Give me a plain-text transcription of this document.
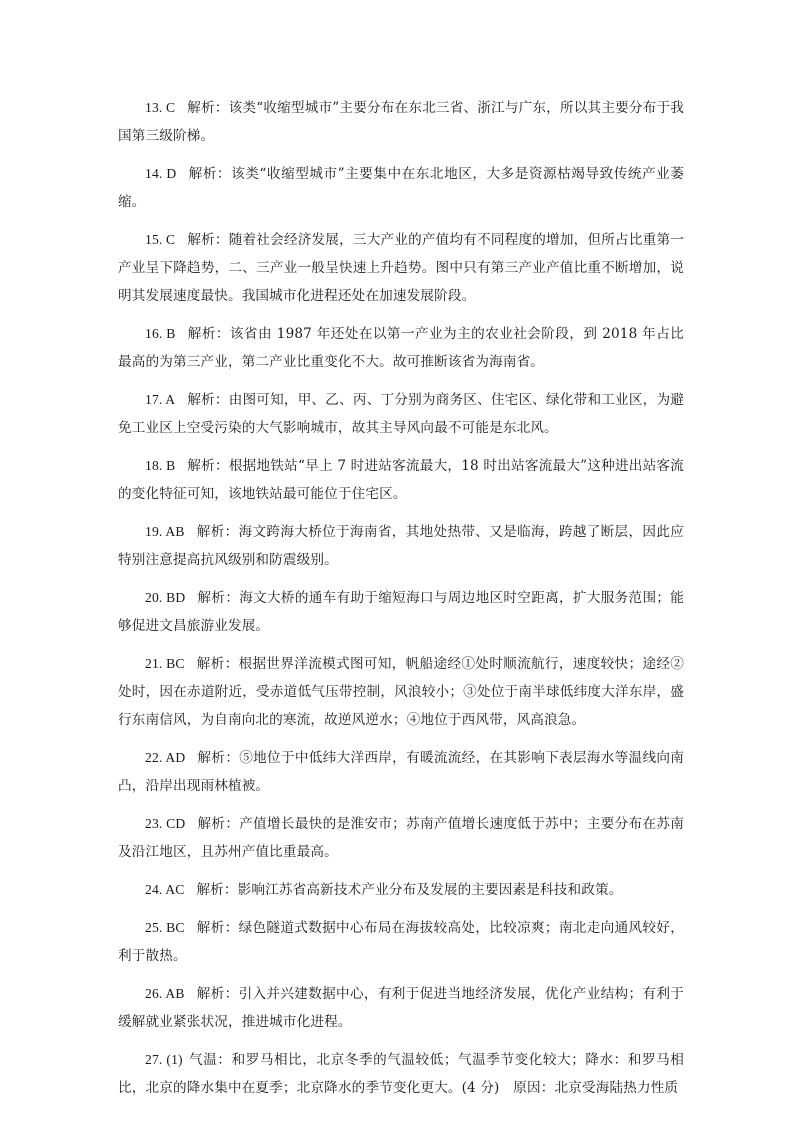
13. C 解析：该类“收缩型城市”主要分布在东北三省、浙江与广东，所以其主要分布于我国第三级阶梯。

14. D 解析：该类“收缩型城市”主要集中在东北地区，大多是资源枯竭导致传统产业萎缩。

15. C 解析：随着社会经济发展，三大产业的产值均有不同程度的增加，但所占比重第一产业呈下降趋势，二、三产业一般呈快速上升趋势。图中只有第三产业产值比重不断增加，说明其发展速度最快。我国城市化进程还处在加速发展阶段。

16. B 解析：该省由 1987 年还处在以第一产业为主的农业社会阶段，到 2018 年占比最高的为第三产业，第二产业比重变化不大。故可推断该省为海南省。

17. A 解析：由图可知，甲、乙、丙、丁分别为商务区、住宅区、绿化带和工业区，为避免工业区上空受污染的大气影响城市，故其主导风向最不可能是东北风。

18. B 解析：根据地铁站“早上 7 时进站客流最大，18 时出站客流最大”这种进出站客流的变化特征可知，该地铁站最可能位于住宅区。

19. AB 解析：海文跨海大桥位于海南省，其地处热带、又是临海，跨越了断层，因此应特别注意提高抗风级别和防震级别。

20. BD 解析：海文大桥的通车有助于缩短海口与周边地区时空距离，扩大服务范围；能够促进文昌旅游业发展。

21. BC 解析：根据世界洋流模式图可知，帆船途经①处时顺流航行，速度较快；途经②处时，因在赤道附近，受赤道低气压带控制，风浪较小；③处位于南半球低纬度大洋东岸，盛行东南信风，为自南向北的寒流，故逆风逆水；④地位于西风带，风高浪急。

22. AD 解析：⑤地位于中低纬大洋西岸，有暖流流经，在其影响下表层海水等温线向南凸，沿岸出现雨林植被。

23. CD 解析：产值增长最快的是淮安市；苏南产值增长速度低于苏中；主要分布在苏南及沿江地区，且苏州产值比重最高。

24. AC 解析：影响江苏省高新技术产业分布及发展的主要因素是科技和政策。

25. BC 解析：绿色隧道式数据中心布局在海拔较高处，比较凉爽；南北走向通风较好，利于散热。

26. AB 解析：引入并兴建数据中心，有利于促进当地经济发展，优化产业结构；有利于缓解就业紧张状况，推进城市化进程。

27. (1) 气温：和罗马相比，北京冬季的气温较低；气温季节变化较大；降水：和罗马相比，北京的降水集中在夏季；北京降水的季节变化更大。(4 分)　原因：北京受海陆热力性质
